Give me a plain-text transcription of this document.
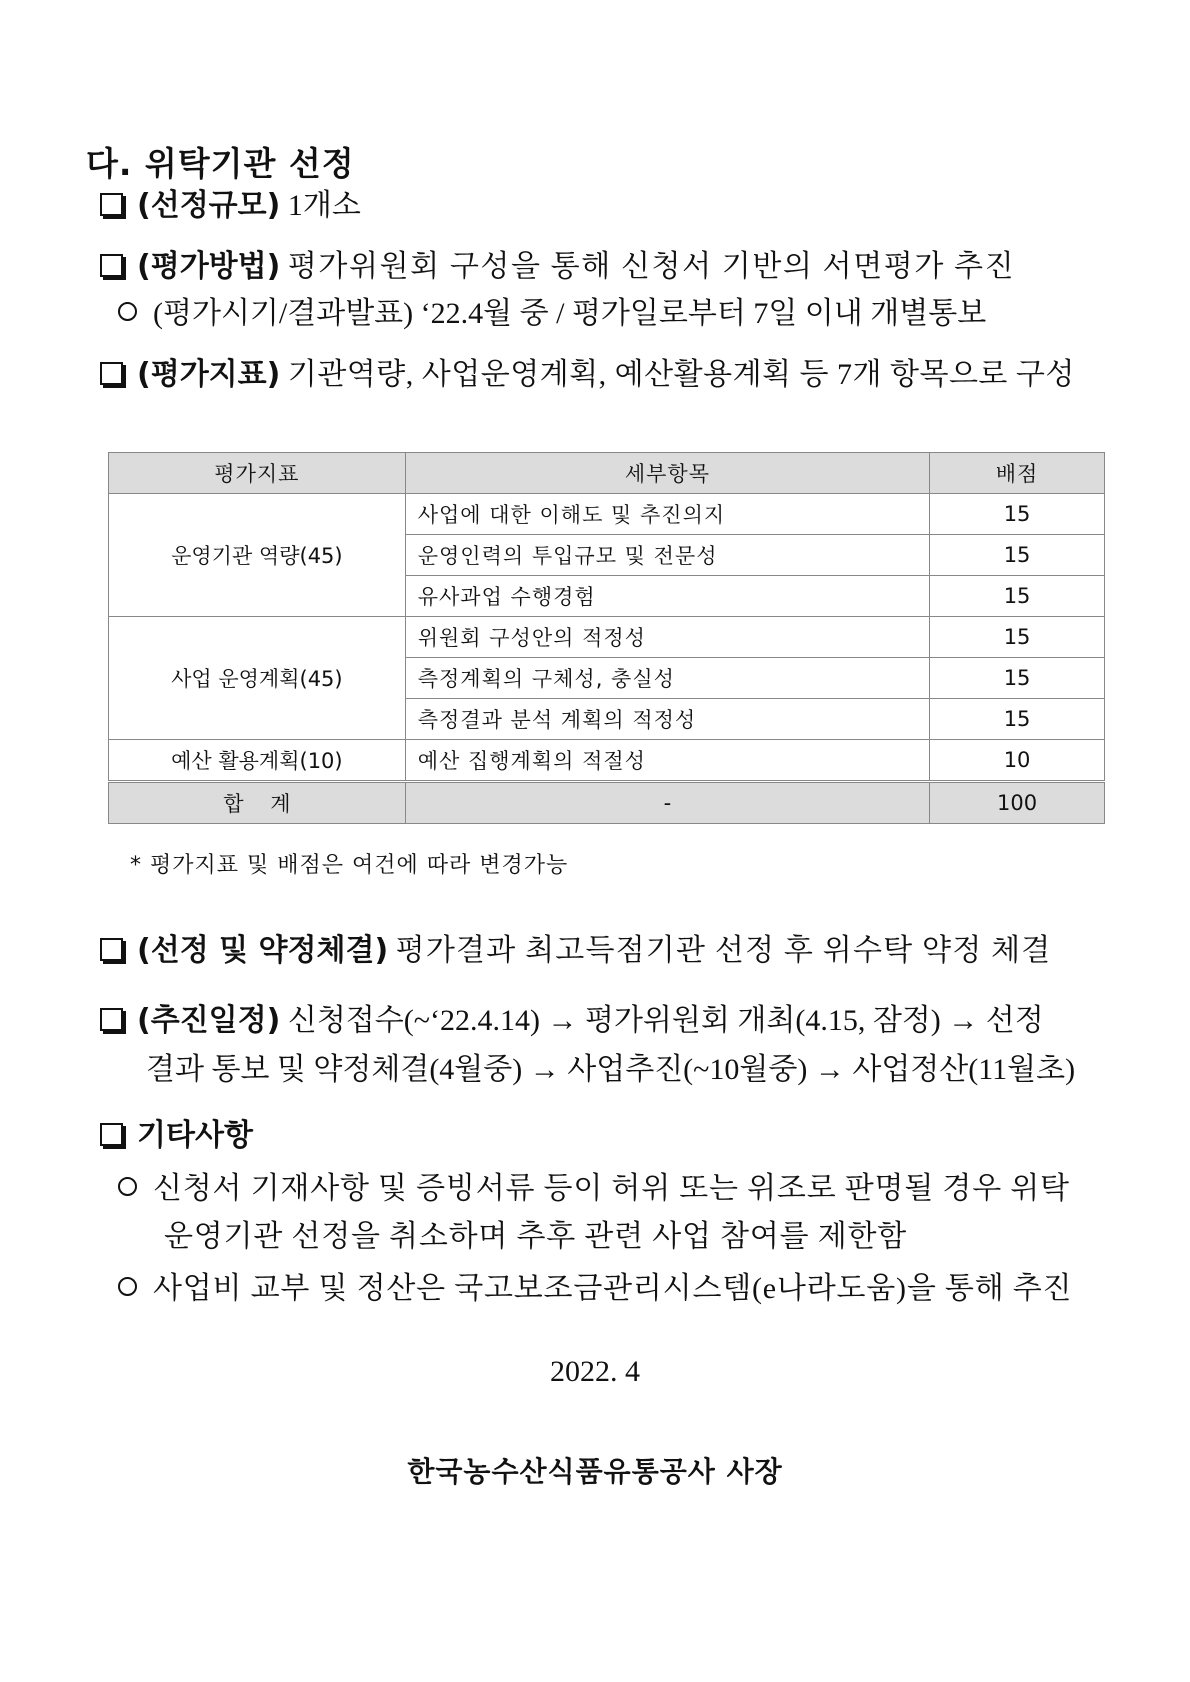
다. 위탁기관 선정
(선정규모) 1개소
(평가방법) 평가위원회 구성을 통해 신청서 기반의 서면평가 추진
(평가시기/결과발표) ‘22.4월 중 / 평가일로부터 7일 이내 개별통보
(평가지표) 기관역량, 사업운영계획, 예산활용계획 등 7개 항목으로 구성
평가지표	세부항목	배점
운영기관 역량(45)	사업에 대한 이해도 및 추진의지	15
	운영인력의 투입규모 및 전문성	15
	유사과업 수행경험	15
사업 운영계획(45)	위원회 구성안의 적정성	15
	측정계획의 구체성, 충실성	15
	측정결과 분석 계획의 적정성	15
예산 활용계획(10)	예산 집행계획의 적절성	10
합    계	-	100
* 평가지표 및 배점은 여건에 따라 변경가능
(선정 및 약정체결) 평가결과 최고득점기관 선정 후 위수탁 약정 체결
(추진일정) 신청접수(~‘22.4.14) → 평가위원회 개최(4.15, 잠정) → 선정
결과 통보 및 약정체결(4월중) → 사업추진(~10월중) → 사업정산(11월초)
기타사항
신청서 기재사항 및 증빙서류 등이 허위 또는 위조로 판명될 경우 위탁
운영기관 선정을 취소하며 추후 관련 사업 참여를 제한함
사업비 교부 및 정산은 국고보조금관리시스템(e나라도움)을 통해 추진
2022. 4
한국농수산식품유통공사 사장
